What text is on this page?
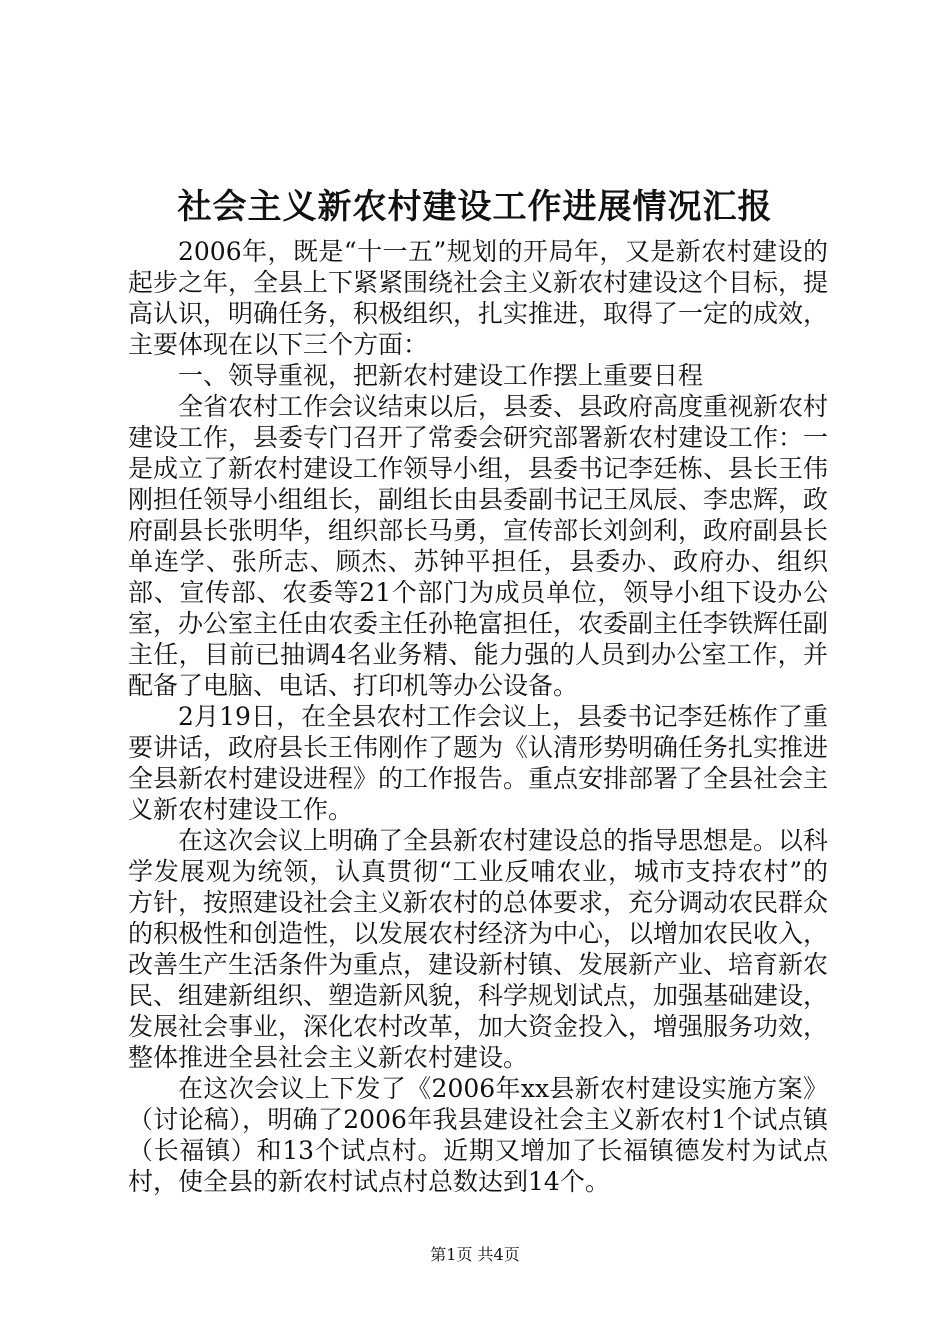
社会主义新农村建设工作进展情况汇报

2006年，既是“十一五”规划的开局年，又是新农村建设的起步之年，全县上下紧紧围绕社会主义新农村建设这个目标，提高认识，明确任务，积极组织，扎实推进，取得了一定的成效，主要体现在以下三个方面：

一、领导重视，把新农村建设工作摆上重要日程

全省农村工作会议结束以后，县委、县政府高度重视新农村建设工作，县委专门召开了常委会研究部署新农村建设工作：一是成立了新农村建设工作领导小组，县委书记李廷栋、县长王伟刚担任领导小组组长，副组长由县委副书记王凤辰、李忠辉，政府副县长张明华，组织部长马勇，宣传部长刘剑利，政府副县长单连学、张所志、顾杰、苏钟平担任，县委办、政府办、组织部、宣传部、农委等21个部门为成员单位，领导小组下设办公室，办公室主任由农委主任孙艳富担任，农委副主任李铁辉任副主任，目前已抽调4名业务精、能力强的人员到办公室工作，并配备了电脑、电话、打印机等办公设备。

2月19日，在全县农村工作会议上，县委书记李廷栋作了重要讲话，政府县长王伟刚作了题为《认清形势明确任务扎实推进全县新农村建设进程》的工作报告。重点安排部署了全县社会主义新农村建设工作。

在这次会议上明确了全县新农村建设总的指导思想是。以科学发展观为统领，认真贯彻“工业反哺农业，城市支持农村”的方针，按照建设社会主义新农村的总体要求，充分调动农民群众的积极性和创造性，以发展农村经济为中心，以增加农民收入，改善生产生活条件为重点，建设新村镇、发展新产业、培育新农民、组建新组织、塑造新风貌，科学规划试点，加强基础建设，发展社会事业，深化农村改革，加大资金投入，增强服务功效，整体推进全县社会主义新农村建设。

在这次会议上下发了《2006年xx县新农村建设实施方案》（讨论稿），明确了2006年我县建设社会主义新农村1个试点镇（长福镇）和13个试点村。近期又增加了长福镇德发村为试点村，使全县的新农村试点村总数达到14个。

第1页 共4页
